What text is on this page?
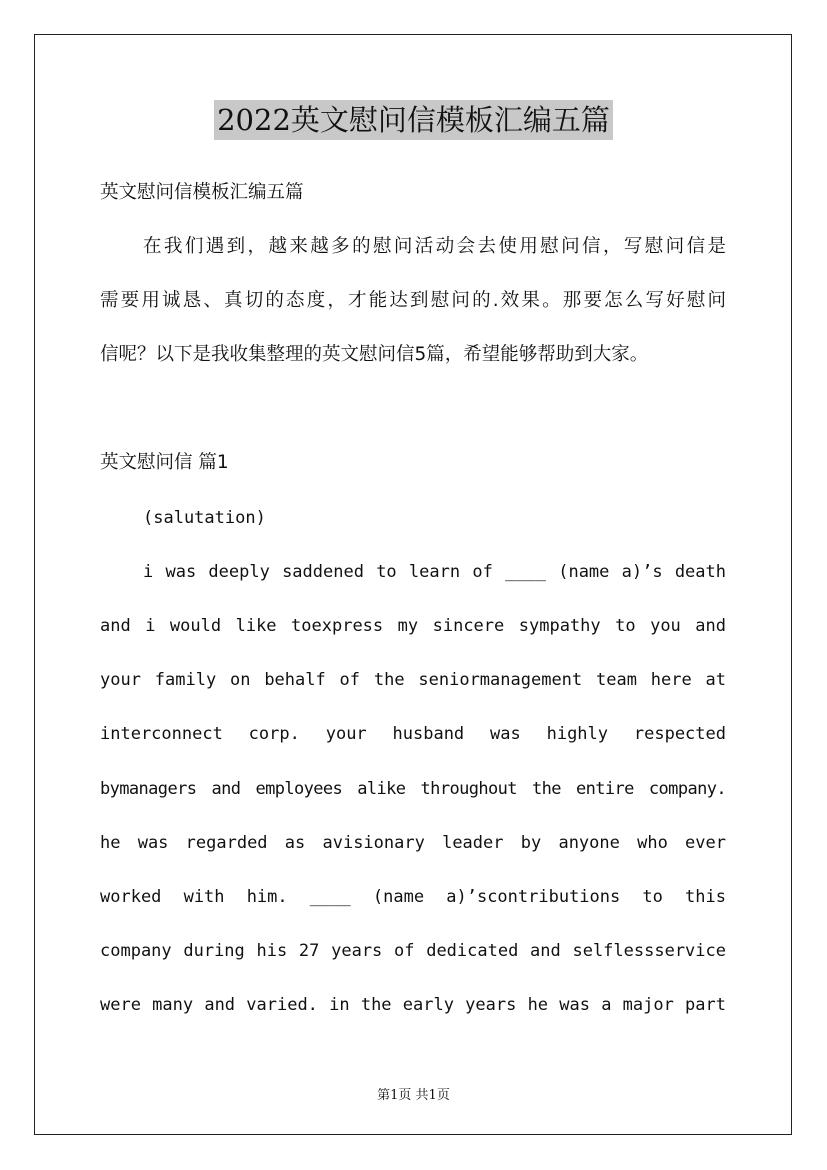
2022英文慰问信模板汇编五篇

英文慰问信模板汇编五篇

在我们遇到，越来越多的慰问活动会去使用慰问信，写慰问信是

需要用诚恳、真切的态度，才能达到慰问的.效果。那要怎么写好慰问

信呢？以下是我收集整理的英文慰问信5篇，希望能够帮助到大家。

英文慰问信 篇1

(salutation)

i was deeply saddened to learn of ____ (name a)’s death

and i would like toexpress my sincere sympathy to you and

your family on behalf of the seniormanagement team here at

interconnect corp. your husband was highly respected

bymanagers and employees alike throughout the entire company.

he was regarded as avisionary leader by anyone who ever

worked with him. ____ (name a)’scontributions to this

company during his 27 years of dedicated and selflessservice

were many and varied. in the early years he was a major part

第1页 共1页
